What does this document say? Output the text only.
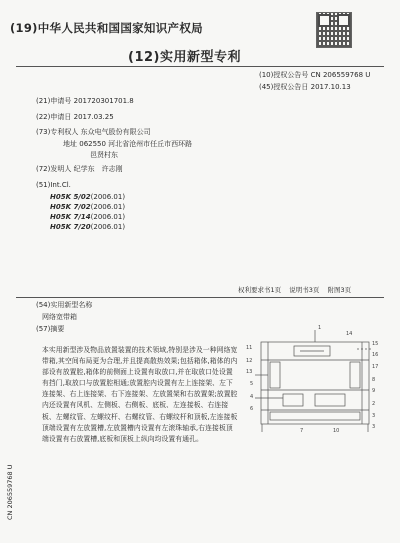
(19)中华人民共和国国家知识产权局
(12)实用新型专利
(10)授权公告号 CN 206559768 U
(45)授权公告日 2017.10.13
(21)申请号 201720301701.8
(22)申请日 2017.03.25
(73)专利权人 东众电气股份有限公司
地址 062550 河北省沧州市任丘市西环路
邑贤村东
(72)发明人 纪学东　许志刚
(51)Int.Cl.
H05K 5/02(2006.01)
H05K 7/02(2006.01)
H05K 7/14(2006.01)
H05K 7/20(2006.01)
权利要求书1页 说明书3页 附图3页
(54)实用新型名称
网络宽带箱
(57)摘要
本实用新型涉及物品放置装置的技术领域,特别是涉及一种网络宽带箱,其空间布局更为合理,并且提高散热效果;包括箱体,箱体的内部设有放置腔,箱体的前侧面上设置有取放口,并在取放口处设置有挡门,取放口与放置腔相通;放置腔内设置有左上连接架、左下连接架、右上连接架、右下连接架、左放置架和右放置架;放置腔内还设置有风机、左侧板、右侧板、底板、左连接板、右连接板、左螺纹管、左螺纹杆、右螺纹管、右螺纹杆和顶板,左连接板顶端设置有左放置槽,左放置槽内设置有左滚珠轴承,右连接板顶端设置有右放置槽,底板和顶板上纵向均设置有通孔。
CN 206559768 U
1
14
15
16
17
11
12
13
5
4
6
8
9
2
3
7	10
3
